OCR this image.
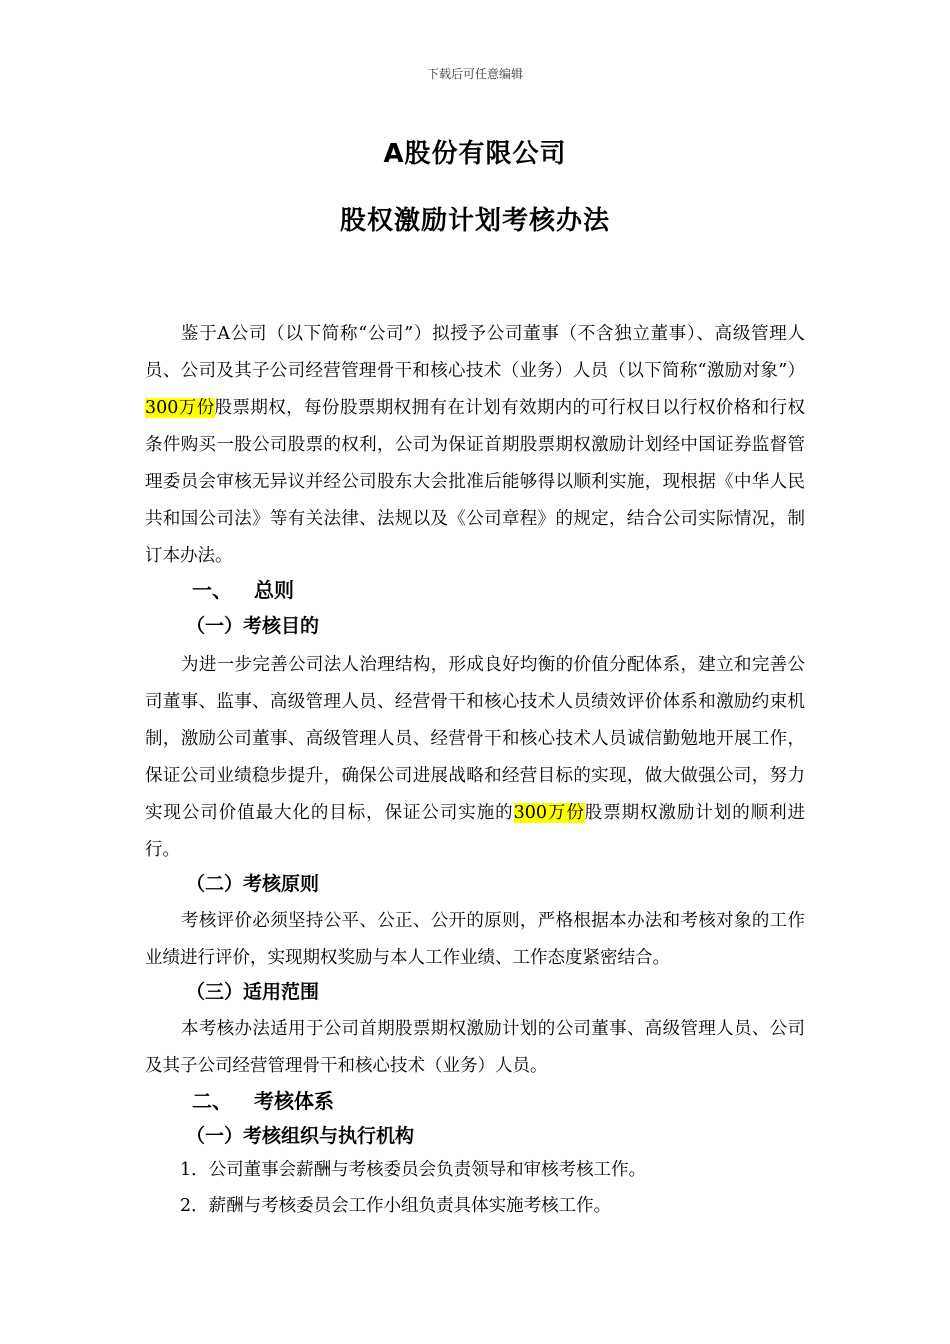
下载后可任意编辑
A股份有限公司
股权激励计划考核办法

鉴于A公司（以下简称“公司”）拟授予公司董事（不含独立董事）、高级管理人员、公司及其子公司经营管理骨干和核心技术（业务）人员（以下简称“激励对象”）300万份股票期权，每份股票期权拥有在计划有效期内的可行权日以行权价格和行权条件购买一股公司股票的权利，公司为保证首期股票期权激励计划经中国证券监督管理委员会审核无异议并经公司股东大会批准后能够得以顺利实施，现根据《中华人民共和国公司法》等有关法律、法规以及《公司章程》的规定，结合公司实际情况，制订本办法。

一、 总则
（一）考核目的

为进一步完善公司法人治理结构，形成良好均衡的价值分配体系，建立和完善公司董事、监事、高级管理人员、经营骨干和核心技术人员绩效评价体系和激励约束机制，激励公司董事、高级管理人员、经营骨干和核心技术人员诚信勤勉地开展工作，保证公司业绩稳步提升，确保公司进展战略和经营目标的实现，做大做强公司，努力实现公司价值最大化的目标，保证公司实施的300万份股票期权激励计划的顺利进行。

（二）考核原则

考核评价必须坚持公平、公正、公开的原则，严格根据本办法和考核对象的工作业绩进行评价，实现期权奖励与本人工作业绩、工作态度紧密结合。

（三）适用范围

本考核办法适用于公司首期股票期权激励计划的公司董事、高级管理人员、公司及其子公司经营管理骨干和核心技术（业务）人员。

二、 考核体系
（一）考核组织与执行机构

1．公司董事会薪酬与考核委员会负责领导和审核考核工作。

2．薪酬与考核委员会工作小组负责具体实施考核工作。
